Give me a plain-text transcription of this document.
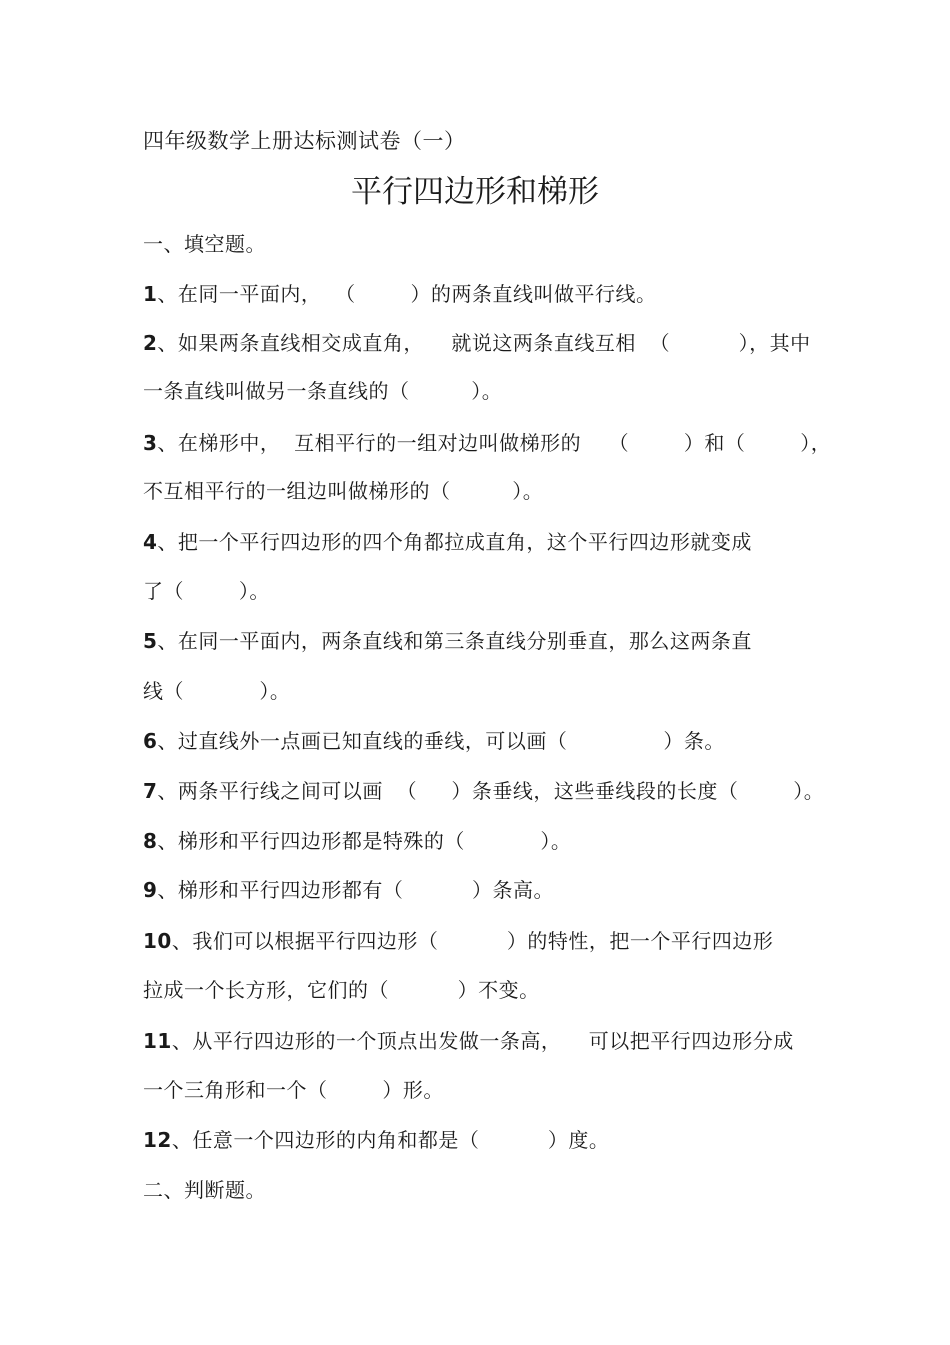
四年级数学上册达标测试卷（一）
平行四边形和梯形
一、填空题。
1、在同一平面内，  （        ）的两条直线叫做平行线。
2、如果两条直线相交成直角，    就说这两条直线互相  （          ），其中
一条直线叫做另一条直线的（         ）。
3、在梯形中，  互相平行的一组对边叫做梯形的    （        ）和（        ），
不互相平行的一组边叫做梯形的（         ）。
4、把一个平行四边形的四个角都拉成直角，这个平行四边形就变成
了（        ）。
5、在同一平面内，两条直线和第三条直线分别垂直，那么这两条直
线（           ）。
6、过直线外一点画已知直线的垂线，可以画（              ）条。
7、两条平行线之间可以画  （     ）条垂线，这些垂线段的长度（        ）。
8、梯形和平行四边形都是特殊的（           ）。
9、梯形和平行四边形都有（          ）条高。
10、我们可以根据平行四边形（          ）的特性，把一个平行四边形
拉成一个长方形，它们的（          ）不变。
11、从平行四边形的一个顶点出发做一条高，    可以把平行四边形分成
一个三角形和一个（        ）形。
12、任意一个四边形的内角和都是（          ）度。
二、判断题。
